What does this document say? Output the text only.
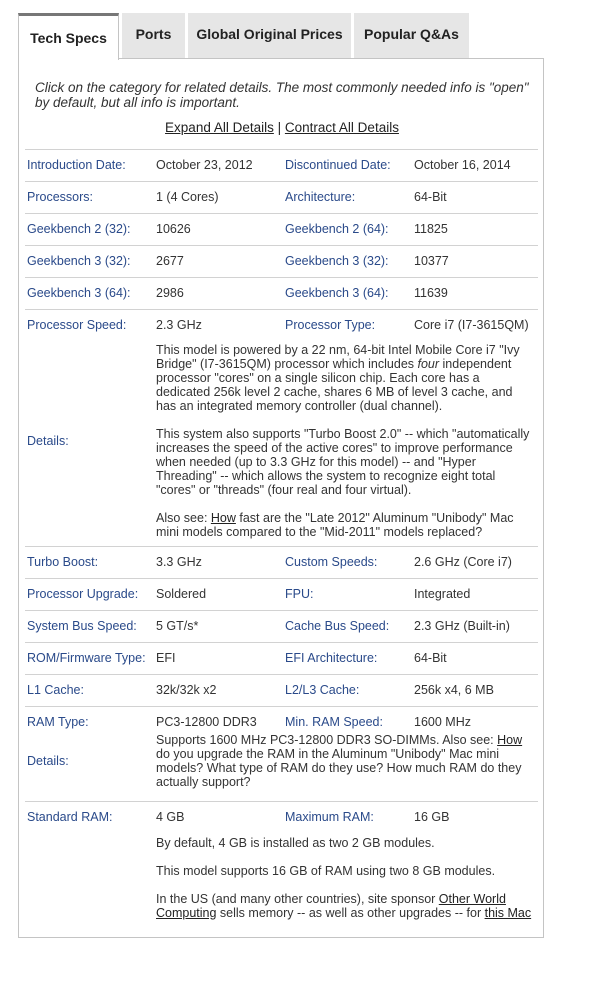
Tech Specs	Ports	Global Original Prices	Popular Q&As
Click on the category for related details. The most commonly needed info is "open" by default, but all info is important.
Expand All Details | Contract All Details
Introduction Date: October 23, 2012	Discontinued Date: October 16, 2014
Processors:	1 (4 Cores)	Architecture:	64-Bit
Geekbench 2 (32): 10626	Geekbench 2 (64): 11825
Geekbench 3 (32): 2677	Geekbench 3 (32): 10377
Geekbench 3 (64): 2986	Geekbench 3 (64): 11639
Processor Speed: 2.3 GHz	Processor Type:	Core i7 (I7-3615QM)
Details:

This model is powered by a 22 nm, 64-bit Intel Mobile Core i7 "Ivy Bridge" (I7-3615QM) processor which includes four independent processor "cores" on a single silicon chip. Each core has a dedicated 256k level 2 cache, shares 6 MB of level 3 cache, and has an integrated memory controller (dual channel).

This system also supports "Turbo Boost 2.0" -- which "automatically increases the speed of the active cores" to improve performance when needed (up to 3.3 GHz for this model) -- and "Hyper Threading" -- which allows the system to recognize eight total "cores" or "threads" (four real and four virtual).

Also see: How fast are the "Late 2012" Aluminum "Unibody" Mac mini models compared to the "Mid-2011" models replaced?

Turbo Boost:	3.3 GHz	Custom Speeds:	2.6 GHz (Core i7)
Processor Upgrade: Soldered	FPU:	Integrated
System Bus Speed: 5 GT/s*	Cache Bus Speed: 2.3 GHz (Built-in)
ROM/Firmware Type: EFI	EFI Architecture:	64-Bit
L1 Cache:	32k/32k x2	L2/L3 Cache:	256k x4, 6 MB
RAM Type:	PC3-12800 DDR3 Min. RAM Speed: 1600 MHz
Details:
Supports 1600 MHz PC3-12800 DDR3 SO-DIMMs. Also see: How do you upgrade the RAM in the Aluminum "Unibody" Mac mini models? What type of RAM do they use? How much RAM do they actually support?
Standard RAM:	4 GB	Maximum RAM:	16 GB

By default, 4 GB is installed as two 2 GB modules.

This model supports 16 GB of RAM using two 8 GB modules.

In the US (and many other countries), site sponsor Other World Computing sells memory -- as well as other upgrades -- for this Mac
